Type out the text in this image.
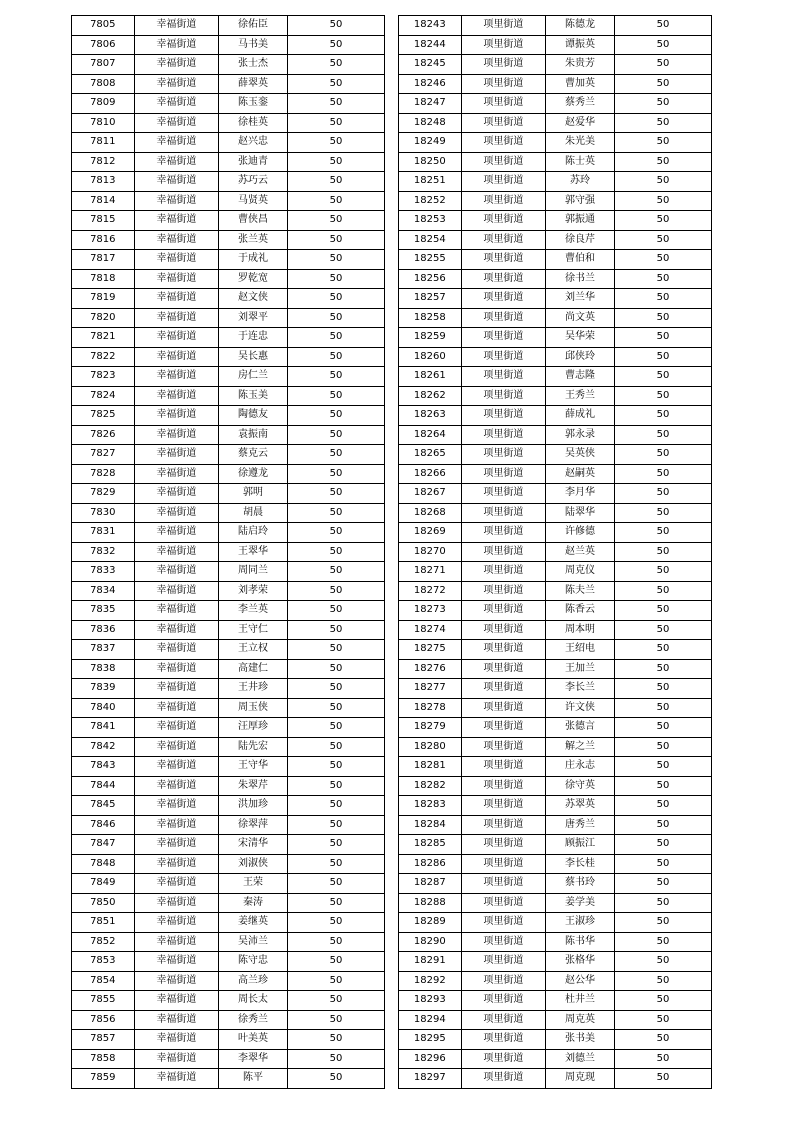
7805	幸福街道	徐佑臣	50
7806	幸福街道	马书美	50
7807	幸福街道	张士杰	50
7808	幸福街道	薛翠英	50
7809	幸福街道	陈玉銮	50
7810	幸福街道	徐桂英	50
7811	幸福街道	赵兴忠	50
7812	幸福街道	张迪青	50
7813	幸福街道	苏巧云	50
7814	幸福街道	马贤英	50
7815	幸福街道	曹侠昌	50
7816	幸福街道	张兰英	50
7817	幸福街道	于成礼	50
7818	幸福街道	罗乾宽	50
7819	幸福街道	赵文侠	50
7820	幸福街道	刘翠平	50
7821	幸福街道	于连忠	50
7822	幸福街道	吴长惠	50
7823	幸福街道	房仁兰	50
7824	幸福街道	陈玉美	50
7825	幸福街道	陶德友	50
7826	幸福街道	袁振南	50
7827	幸福街道	蔡克云	50
7828	幸福街道	徐遵龙	50
7829	幸福街道	郭明	50
7830	幸福街道	胡晨	50
7831	幸福街道	陆启玲	50
7832	幸福街道	王翠华	50
7833	幸福街道	周同兰	50
7834	幸福街道	刘孝荣	50
7835	幸福街道	李兰英	50
7836	幸福街道	王守仁	50
7837	幸福街道	王立权	50
7838	幸福街道	高建仁	50
7839	幸福街道	王井珍	50
7840	幸福街道	周玉侠	50
7841	幸福街道	汪厚珍	50
7842	幸福街道	陆先宏	50
7843	幸福街道	王守华	50
7844	幸福街道	朱翠芹	50
7845	幸福街道	洪加珍	50
7846	幸福街道	徐翠萍	50
7847	幸福街道	宋清华	50
7848	幸福街道	刘淑侠	50
7849	幸福街道	王荣	50
7850	幸福街道	秦涛	50
7851	幸福街道	姜继英	50
7852	幸福街道	吴沛兰	50
7853	幸福街道	陈守忠	50
7854	幸福街道	高兰珍	50
7855	幸福街道	周长太	50
7856	幸福街道	徐秀兰	50
7857	幸福街道	叶美英	50
7858	幸福街道	李翠华	50
7859	幸福街道	陈平	50
18243	项里街道	陈德龙	50
18244	项里街道	谭振英	50
18245	项里街道	朱贵芳	50
18246	项里街道	曹加英	50
18247	项里街道	蔡秀兰	50
18248	项里街道	赵爱华	50
18249	项里街道	朱光美	50
18250	项里街道	陈士英	50
18251	项里街道	苏玲	50
18252	项里街道	郭守强	50
18253	项里街道	郭振通	50
18254	项里街道	徐良芹	50
18255	项里街道	曹伯和	50
18256	项里街道	徐书兰	50
18257	项里街道	刘兰华	50
18258	项里街道	尚文英	50
18259	项里街道	吴华荣	50
18260	项里街道	邱侠玲	50
18261	项里街道	曹志隆	50
18262	项里街道	王秀兰	50
18263	项里街道	薛成礼	50
18264	项里街道	郭永录	50
18265	项里街道	吴英侠	50
18266	项里街道	赵嗣英	50
18267	项里街道	李月华	50
18268	项里街道	陆翠华	50
18269	项里街道	许修德	50
18270	项里街道	赵兰英	50
18271	项里街道	周克仪	50
18272	项里街道	陈夫兰	50
18273	项里街道	陈香云	50
18274	项里街道	周本明	50
18275	项里街道	王绍电	50
18276	项里街道	王加兰	50
18277	项里街道	李长兰	50
18278	项里街道	许文侠	50
18279	项里街道	张德言	50
18280	项里街道	解之兰	50
18281	项里街道	庄永志	50
18282	项里街道	徐守英	50
18283	项里街道	苏翠英	50
18284	项里街道	唐秀兰	50
18285	项里街道	顾振江	50
18286	项里街道	李长桂	50
18287	项里街道	蔡书玲	50
18288	项里街道	姜学美	50
18289	项里街道	王淑珍	50
18290	项里街道	陈书华	50
18291	项里街道	张格华	50
18292	项里街道	赵公华	50
18293	项里街道	杜井兰	50
18294	项里街道	周克英	50
18295	项里街道	张书美	50
18296	项里街道	刘德兰	50
18297	项里街道	周克现	50
